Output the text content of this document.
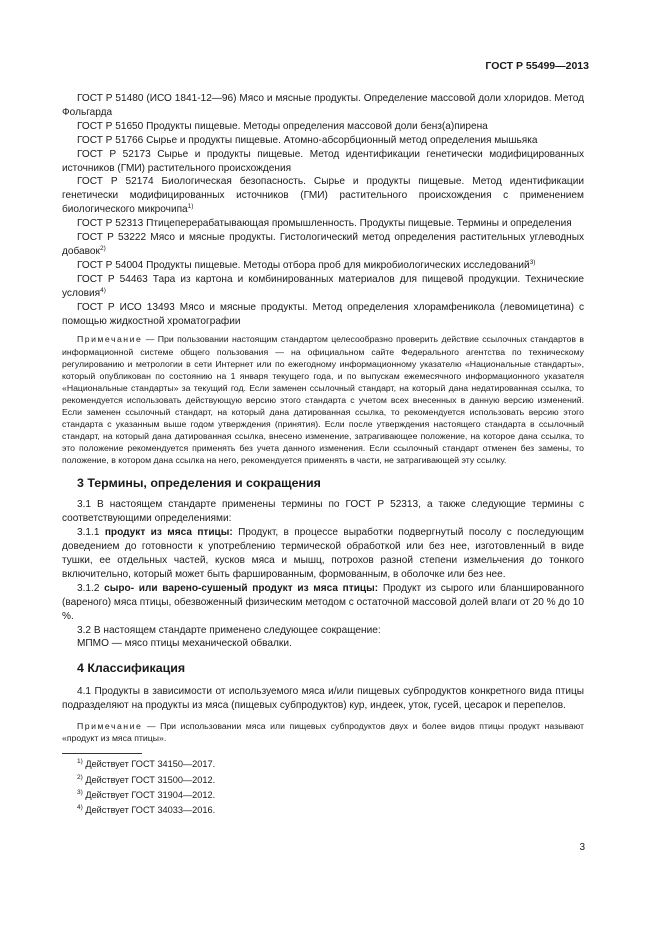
ГОСТ Р 55499—2013

ГОСТ Р 51480 (ИСО 1841-12—96) Мясо и мясные продукты. Определение массовой доли хлоридов. Метод Фольгарда

ГОСТ Р 51650 Продукты пищевые. Методы определения массовой доли бенз(а)пирена

ГОСТ Р 51766 Сырье и продукты пищевые. Атомно-абсорбционный метод определения мышьяка

ГОСТ Р 52173 Сырье и продукты пищевые. Метод идентификации генетически модифицированных источников (ГМИ) растительного происхождения

ГОСТ Р 52174 Биологическая безопасность. Сырье и продукты пищевые. Метод идентификации генетически модифицированных источников (ГМИ) растительного происхождения с применением биологического микрочипа$^{1)}$

ГОСТ Р 52313 Птицеперерабатывающая промышленность. Продукты пищевые. Термины и определения

ГОСТ Р 53222 Мясо и мясные продукты. Гистологический метод определения растительных углеводных добавок$^{2)}$

ГОСТ Р 54004 Продукты пищевые. Методы отбора проб для микробиологических исследований$^{3)}$

ГОСТ Р 54463 Тара из картона и комбинированных материалов для пищевой продукции. Технические условия$^{4)}$

ГОСТ Р ИСО 13493 Мясо и мясные продукты. Метод определения хлорамфеникола (левомицетина) с помощью жидкостной хроматографии

Примечание — При пользовании настоящим стандартом целесообразно проверить действие ссылочных стандартов в информационной системе общего пользования — на официальном сайте Федерального агентства по техническому регулированию и метрологии в сети Интернет или по ежегодному информационному указателю «Национальные стандарты», который опубликован по состоянию на 1 января текущего года, и по выпускам ежемесячного информационного указателя «Национальные стандарты» за текущий год. Если заменен ссылочный стандарт, на который дана недатированная ссылка, то рекомендуется использовать действующую версию этого стандарта с учетом всех внесенных в данную версию изменений. Если заменен ссылочный стандарт, на который дана датированная ссылка, то рекомендуется использовать версию этого стандарта с указанным выше годом утверждения (принятия). Если после утверждения настоящего стандарта в ссылочный стандарт, на который дана датированная ссылка, внесено изменение, затрагивающее положение, на которое дана ссылка, то это положение рекомендуется применять без учета данного изменения. Если ссылочный стандарт отменен без замены, то положение, в котором дана ссылка на него, рекомендуется применять в части, не затрагивающей эту ссылку.

3 Термины, определения и сокращения

3.1 В настоящем стандарте применены термины по ГОСТ Р 52313, а также следующие термины с соответствующими определениями:

3.1.1 продукт из мяса птицы: Продукт, в процессе выработки подвергнутый посолу с последующим доведением до готовности к употреблению термической обработкой или без нее, изготовленный в виде тушки, ее отдельных частей, кусков мяса и мышц, потрохов разной степени измельчения до тонкого включительно, который может быть фаршированным, формованным, в оболочке или без нее.

3.1.2 сыро- или варено-сушеный продукт из мяса птицы: Продукт из сырого или бланшированного (вареного) мяса птицы, обезвоженный физическим методом с остаточной массовой долей влаги от 20 % до 10 %.

3.2 В настоящем стандарте применено следующее сокращение:

МПМО — мясо птицы механической обвалки.

4 Классификация

4.1 Продукты в зависимости от используемого мяса и/или пищевых субпродуктов конкретного вида птицы подразделяют на продукты из мяса (пищевых субпродуктов) кур, индеек, уток, гусей, цесарок и перепелов.

Примечание — При использовании мяса или пищевых субпродуктов двух и более видов птицы продукт называют «продукт из мяса птицы».

$^{1)}$ Действует ГОСТ 34150—2017.
$^{2)}$ Действует ГОСТ 31500—2012.
$^{3)}$ Действует ГОСТ 31904—2012.
$^{4)}$ Действует ГОСТ 34033—2016.
3
